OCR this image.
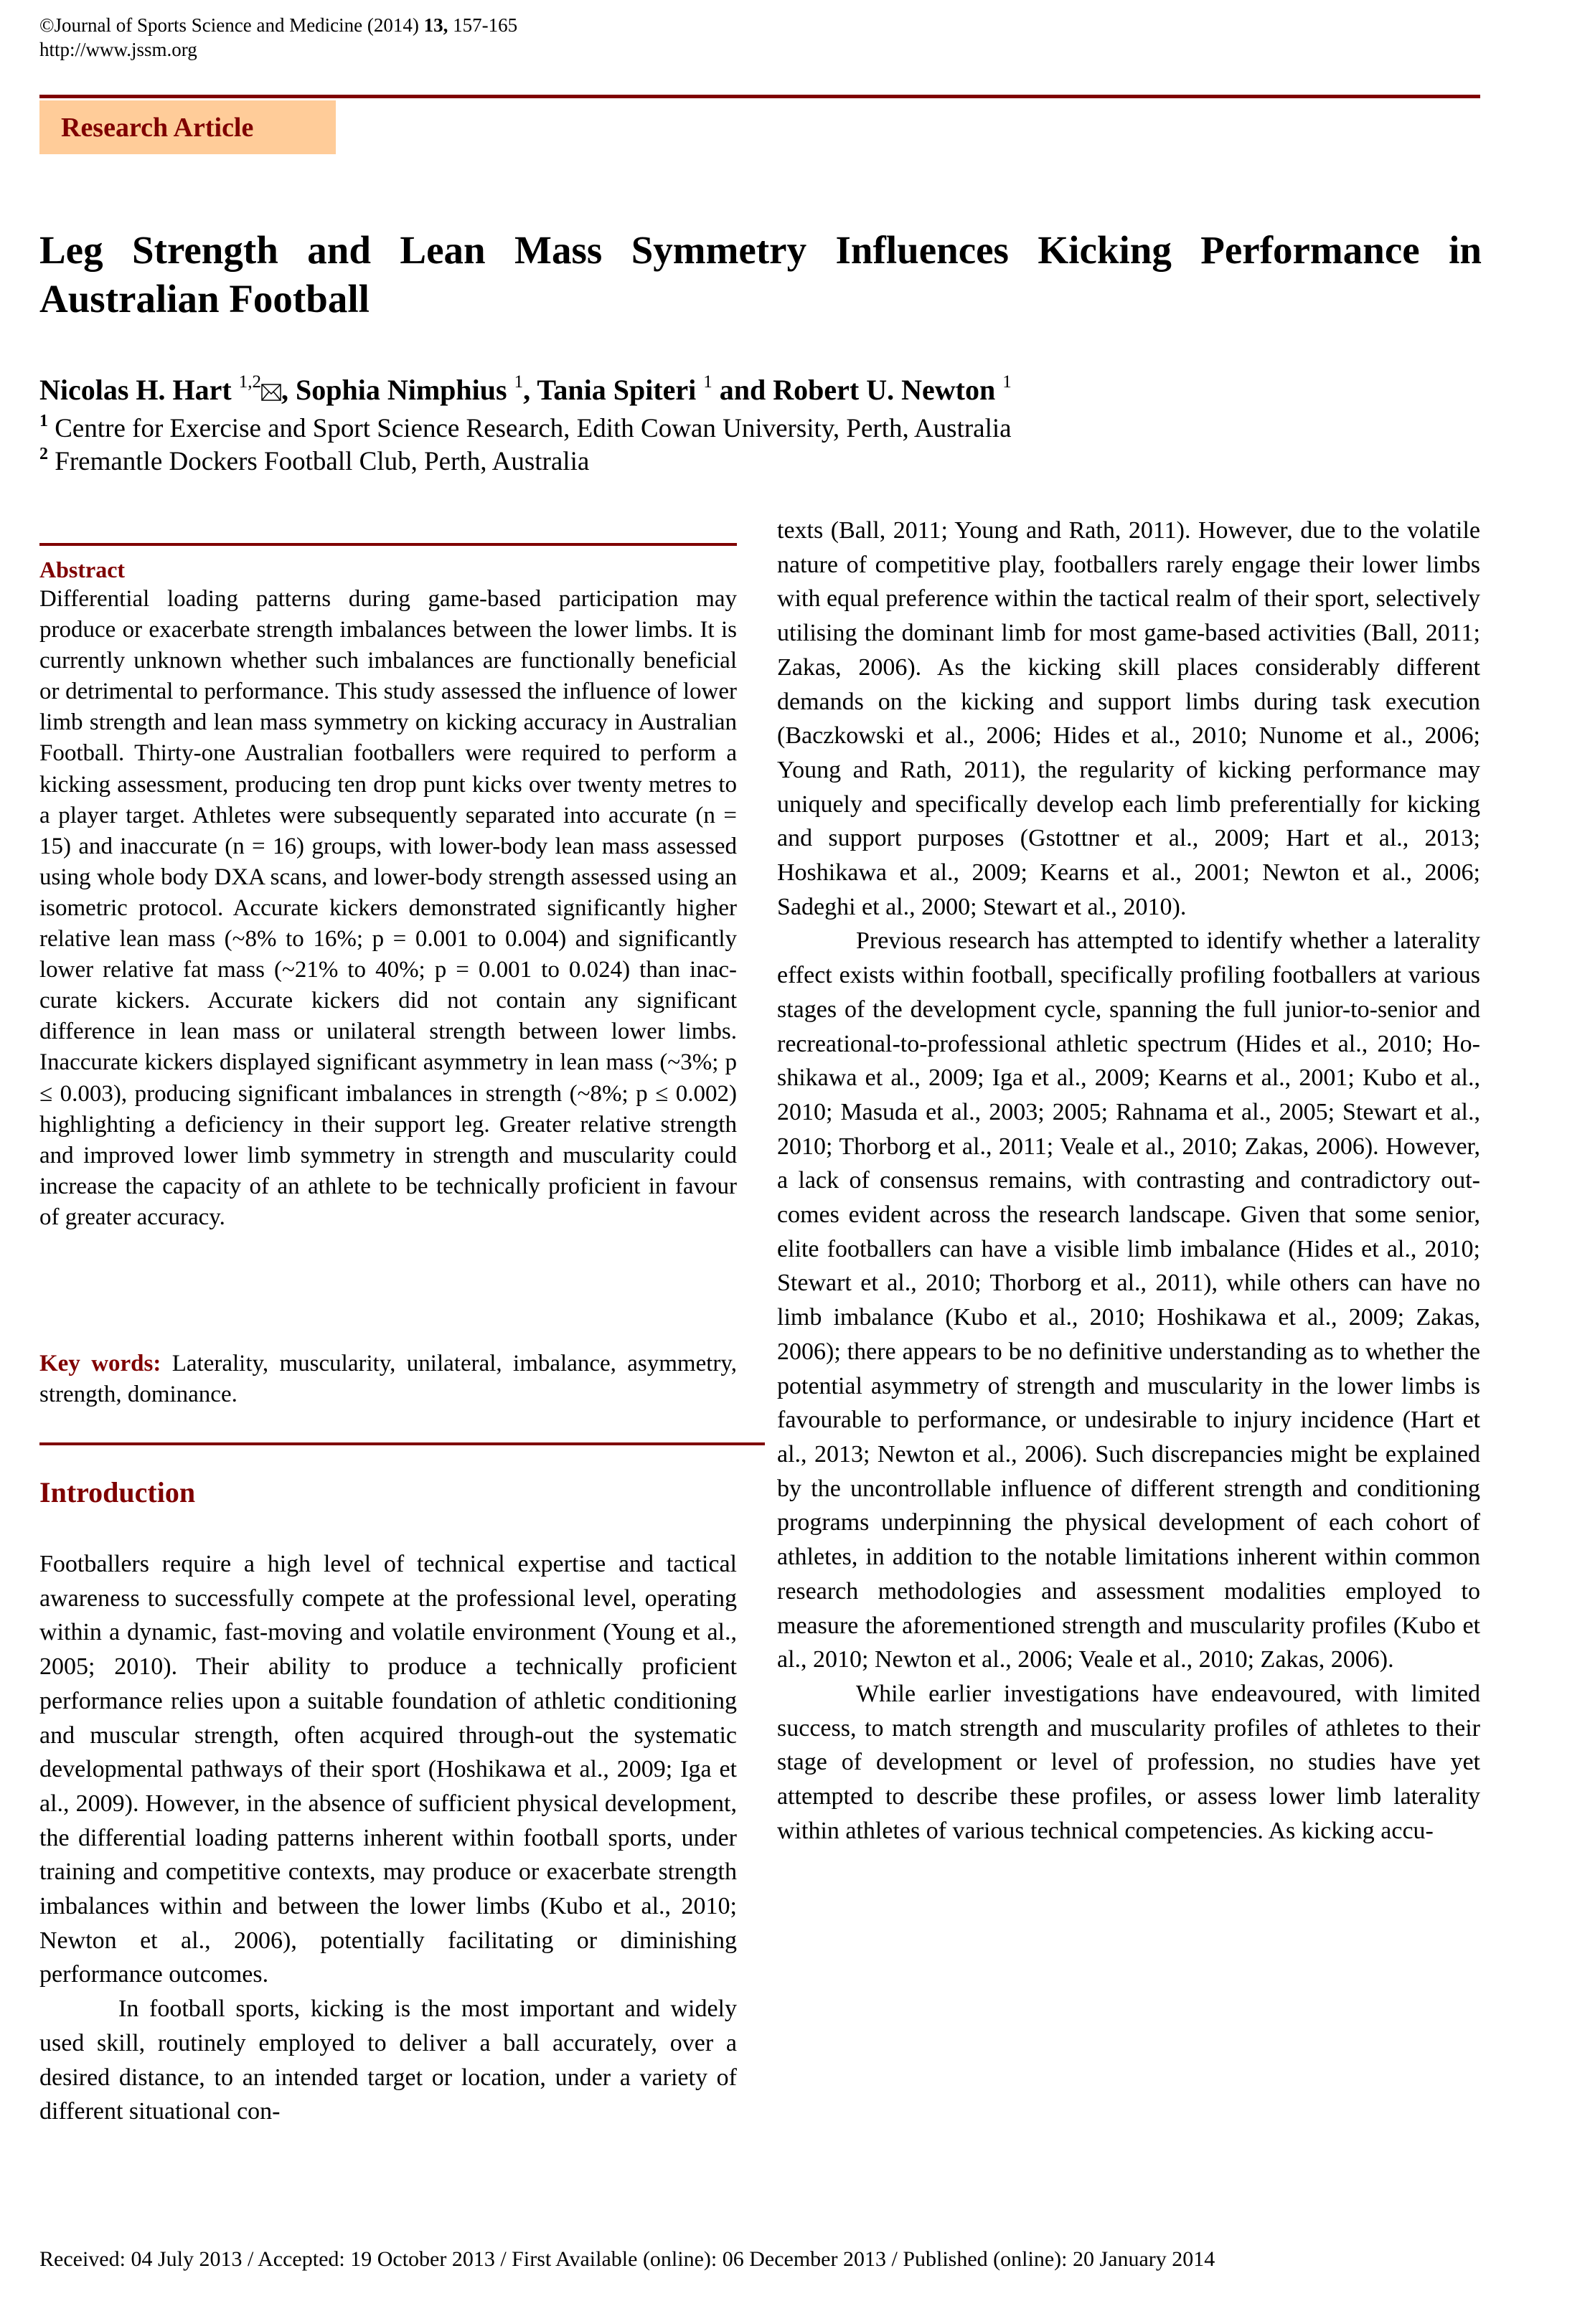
©Journal of Sports Science and Medicine (2014) 13, 157-165
http://www.jssm.org
Research Article
Leg Strength and Lean Mass Symmetry Influences Kicking Performance in Australian Football
Nicolas H. Hart $^{1,2}$ , Sophia Nimphius $^1$, Tania Spiteri $^1$ and Robert U. Newton $^1$
$^1$ Centre for Exercise and Sport Science Research, Edith Cowan University, Perth, Australia
$^2$ Fremantle Dockers Football Club, Perth, Australia
Abstract

Differential loading patterns during game-based participation may produce or exacerbate strength imbalances between the lower limbs. It is currently unknown whether such imbalances are functionally beneficial or detrimental to performance. This study assessed the influence of lower limb strength and lean mass symmetry on kicking accuracy in Australian Football. Thirty-one Australian footballers were required to perform a kicking assessment, producing ten drop punt kicks over twenty metres to a player target. Athletes were subsequently separated into accurate (n = 15) and inaccurate (n = 16) groups, with lower-body lean mass assessed using whole body DXA scans, and lower-body strength assessed using an isometric protocol. Accurate kickers demonstrated significantly higher relative lean mass (~8% to 16%; p = 0.001 to 0.004) and significantly lower relative fat mass (~21% to 40%; p = 0.001 to 0.024) than inaccurate kickers. Accurate kickers did not contain any significant difference in lean mass or unilateral strength between lower limbs. Inaccurate kickers displayed significant asymmetry in lean mass (~3%; p ≤ 0.003), producing significant imbalances in strength (~8%; p ≤ 0.002) highlighting a deficiency in their support leg. Greater relative strength and improved lower limb symmetry in strength and muscularity could increase the capacity of an athlete to be technically proficient in favour of greater accuracy.

Key words: Laterality, muscularity, unilateral, imbalance, asymmetry, strength, dominance.

Introduction

Footballers require a high level of technical expertise and tactical awareness to successfully compete at the professional level, operating within a dynamic, fast-moving and volatile environment (Young et al., 2005; 2010). Their ability to produce a technically proficient performance relies upon a suitable foundation of athletic conditioning and muscular strength, often acquired through-out the systematic developmental pathways of their sport (Hoshikawa et al., 2009; Iga et al., 2009). However, in the absence of sufficient physical development, the differential loading patterns inherent within football sports, under training and competitive contexts, may produce or exacerbate strength imbalances within and between the lower limbs (Kubo et al., 2010; Newton et al., 2006), potentially facilitating or diminishing performance outcomes.

In football sports, kicking is the most important and widely used skill, routinely employed to deliver a ball accurately, over a desired distance, to an intended target or location, under a variety of different situational con-

texts (Ball, 2011; Young and Rath, 2011). However, due to the volatile nature of competitive play, footballers rarely engage their lower limbs with equal preference within the tactical realm of their sport, selectively utilising the dominant limb for most game-based activities (Ball, 2011; Zakas, 2006). As the kicking skill places considerably different demands on the kicking and support limbs during task execution (Baczkowski et al., 2006; Hides et al., 2010; Nunome et al., 2006; Young and Rath, 2011), the regularity of kicking performance may uniquely and specifically develop each limb preferentially for kicking and support purposes (Gstottner et al., 2009; Hart et al., 2013; Hoshikawa et al., 2009; Kearns et al., 2001; Newton et al., 2006; Sadeghi et al., 2000; Stewart et al., 2010).

Previous research has attempted to identify whether a laterality effect exists within football, specifically profiling footballers at various stages of the development cycle, spanning the full junior-to-senior and recreational-to-professional athletic spectrum (Hides et al., 2010; Hoshikawa et al., 2009; Iga et al., 2009; Kearns et al., 2001; Kubo et al., 2010; Masuda et al., 2003; 2005; Rahnama et al., 2005; Stewart et al., 2010; Thorborg et al., 2011; Veale et al., 2010; Zakas, 2006). However, a lack of consensus remains, with contrasting and contradictory outcomes evident across the research landscape. Given that some senior, elite footballers can have a visible limb imbalance (Hides et al., 2010; Stewart et al., 2010; Thorborg et al., 2011), while others can have no limb imbalance (Kubo et al., 2010; Hoshikawa et al., 2009; Zakas, 2006); there appears to be no definitive understanding as to whether the potential asymmetry of strength and muscularity in the lower limbs is favourable to performance, or undesirable to injury incidence (Hart et al., 2013; Newton et al., 2006). Such discrepancies might be explained by the uncontrollable influence of different strength and conditioning programs underpinning the physical development of each cohort of athletes, in addition to the notable limitations inherent within common research methodologies and assessment modalities employed to measure the aforementioned strength and muscularity profiles (Kubo et al., 2010; Newton et al., 2006; Veale et al., 2010; Zakas, 2006).

While earlier investigations have endeavoured, with limited success, to match strength and muscularity profiles of athletes to their stage of development or level of profession, no studies have yet attempted to describe these profiles, or assess lower limb laterality within athletes of various technical competencies. As kicking accu-

Received: 04 July 2013 / Accepted: 19 October 2013 / First Available (online): 06 December 2013 / Published (online): 20 January 2014
